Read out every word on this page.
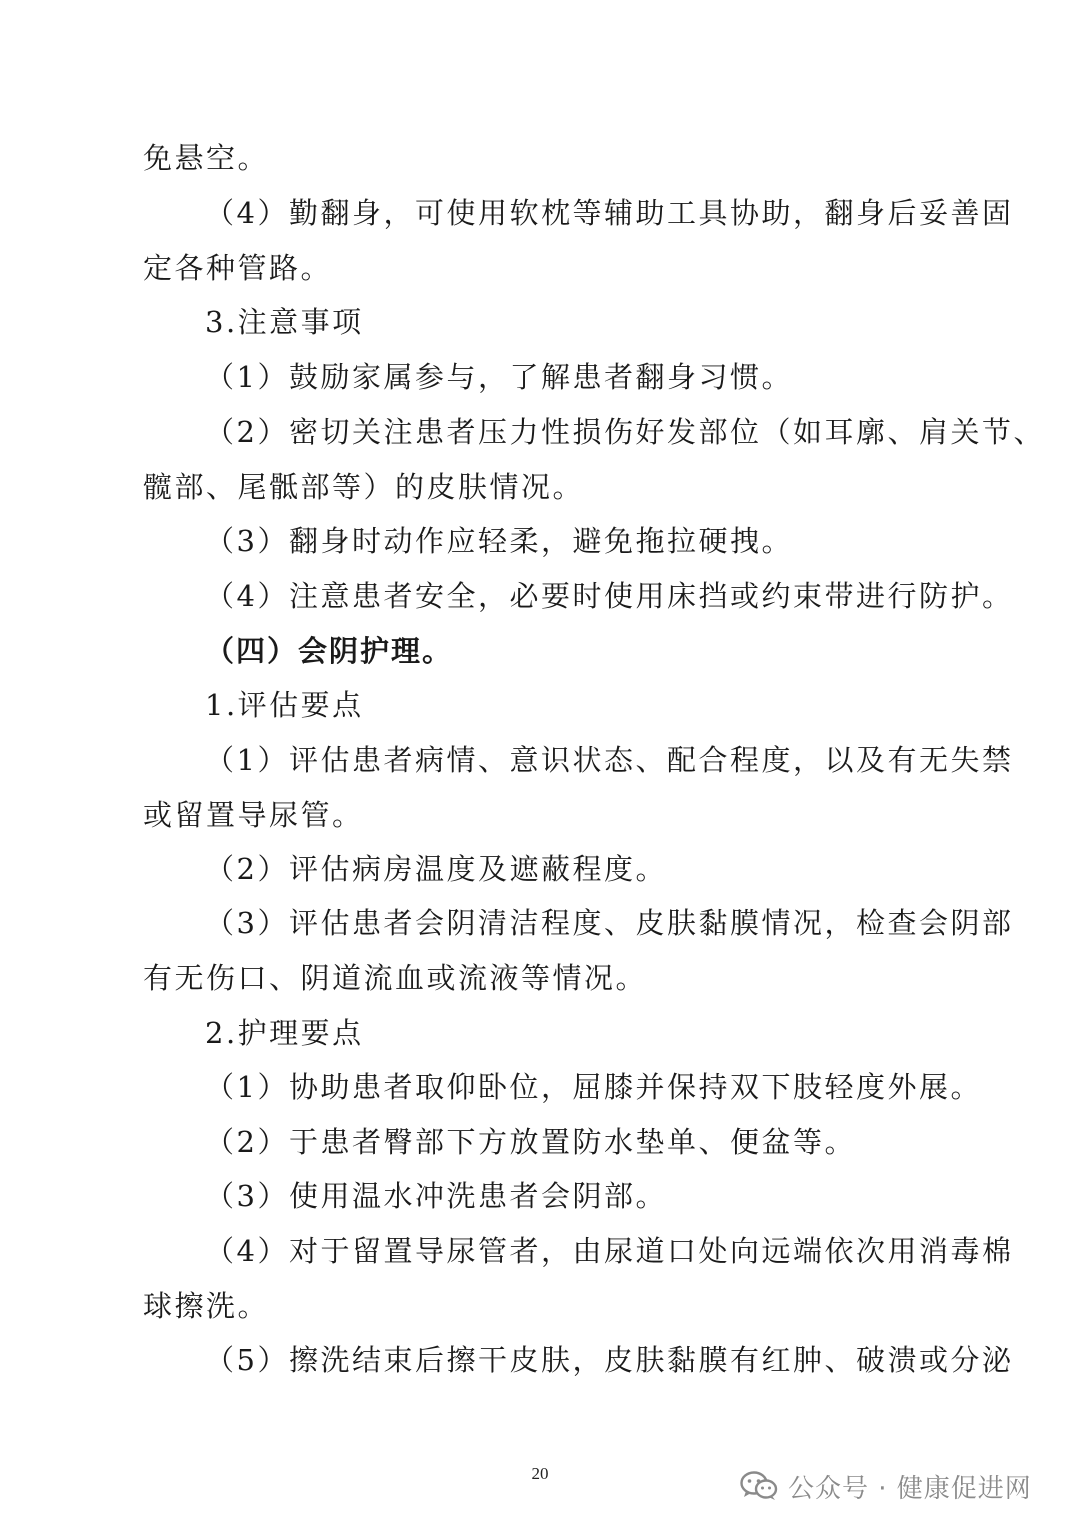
免悬空。
（4）勤翻身，可使用软枕等辅助工具协助，翻身后妥善固
定各种管路。
3.注意事项
（1）鼓励家属参与，了解患者翻身习惯。
（2）密切关注患者压力性损伤好发部位（如耳廓、肩关节、
髋部、尾骶部等）的皮肤情况。
（3）翻身时动作应轻柔，避免拖拉硬拽。
（4）注意患者安全，必要时使用床挡或约束带进行防护。
（四）会阴护理。
1.评估要点
（1）评估患者病情、意识状态、配合程度，以及有无失禁
或留置导尿管。
（2）评估病房温度及遮蔽程度。
（3）评估患者会阴清洁程度、皮肤黏膜情况，检查会阴部
有无伤口、阴道流血或流液等情况。
2.护理要点
（1）协助患者取仰卧位，屈膝并保持双下肢轻度外展。
（2）于患者臀部下方放置防水垫单、便盆等。
（3）使用温水冲洗患者会阴部。
（4）对于留置导尿管者，由尿道口处向远端依次用消毒棉
球擦洗。
（5）擦洗结束后擦干皮肤，皮肤黏膜有红肿、破溃或分泌
20	公众号 · 健康促进网
